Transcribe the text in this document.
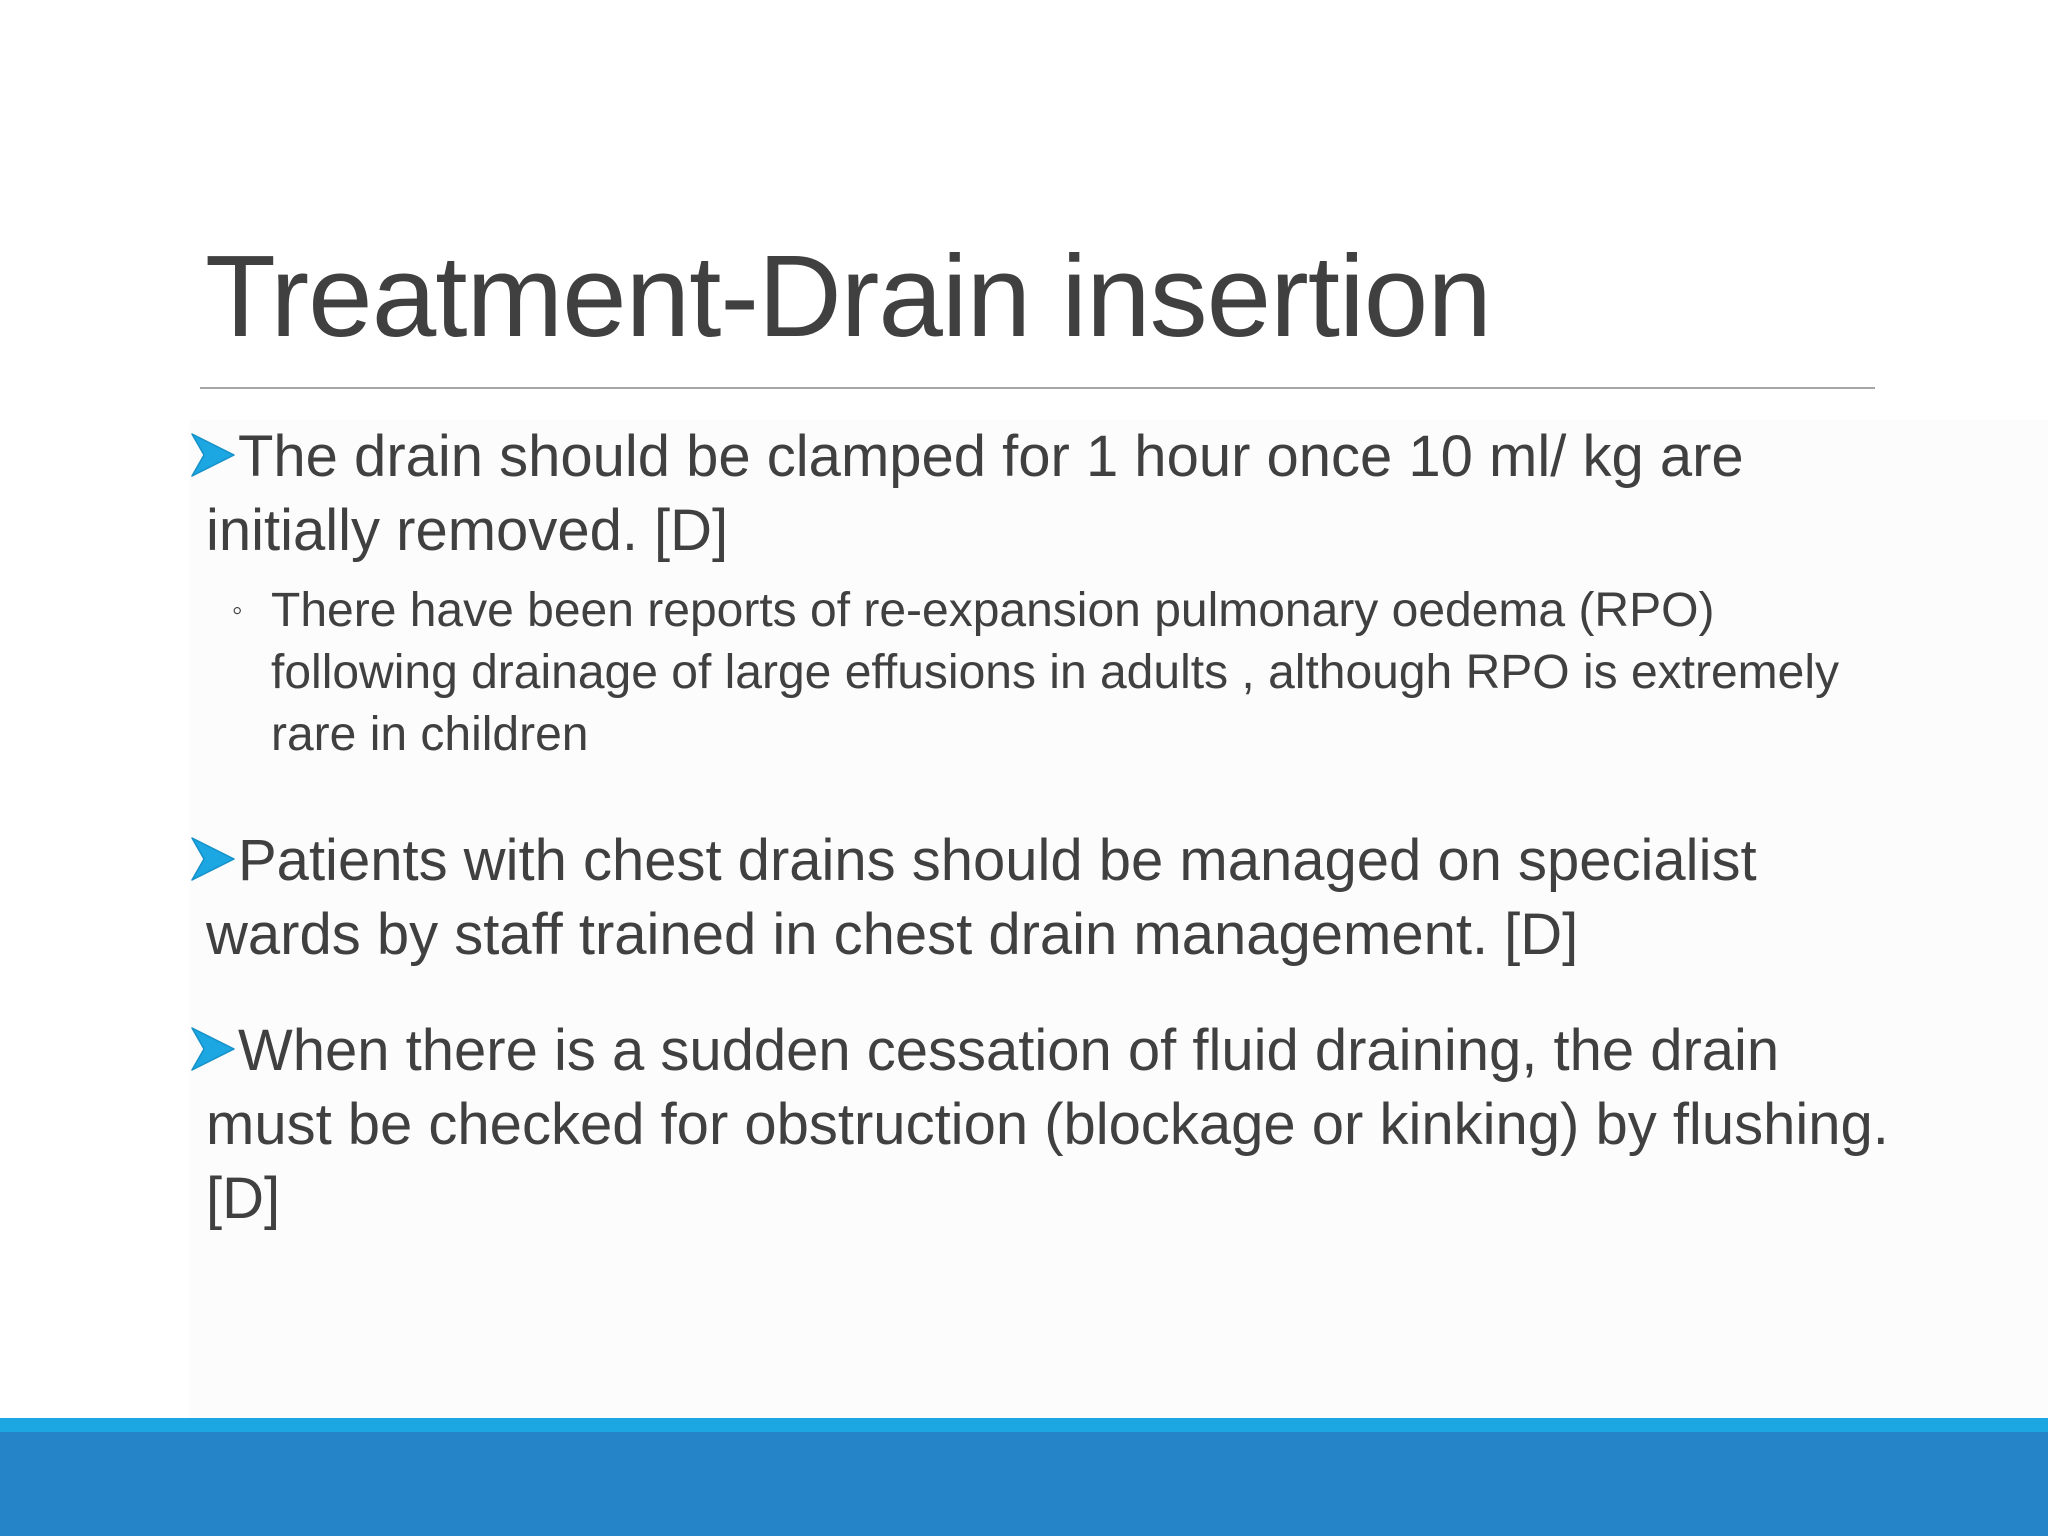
Treatment-Drain insertion

The drain should be clamped for 1 hour once 10 ml/ kg are initially removed. [D]

◦ There have been reports of re-expansion pulmonary oedema (RPO) following drainage of large effusions in adults , although RPO is extremely rare in children

Patients with chest drains should be managed on specialist wards by staff trained in chest drain management. [D]

When there is a sudden cessation of fluid draining, the drain must be checked for obstruction (blockage or kinking) by flushing. [D]
